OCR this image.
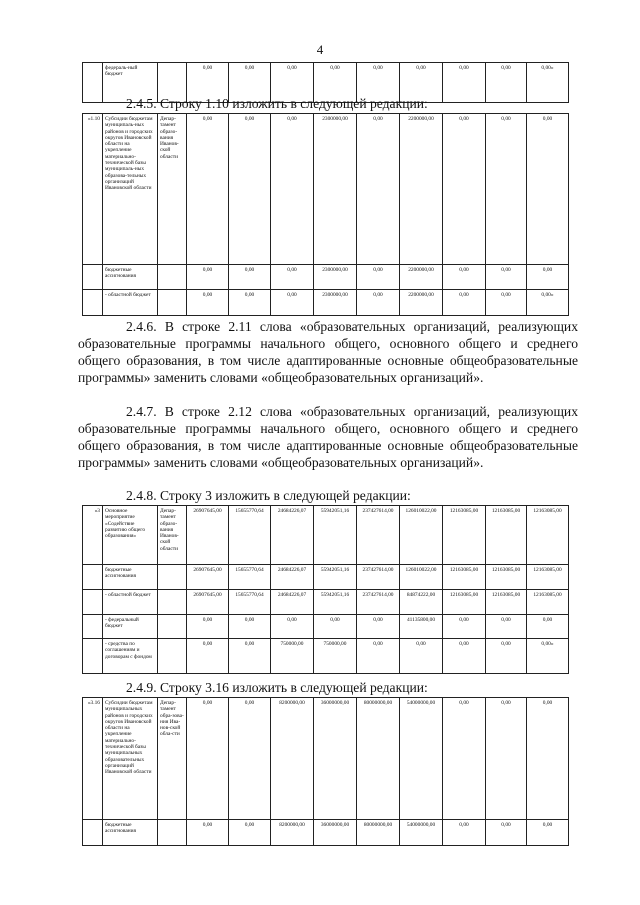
4
	федераль-ный бюджет		0,00	0,00	0,00	0,00	0,00	0,00	0,00	0,00	0,00»
2.4.5. Строку 1.10 изложить в следующей редакции:
«1.10	Субсидии бюджетам муниципаль-ных районов и городских округов Ивановской области на укрепление материально-технической базы муниципаль-ных образова-тельных организаций Ивановской области	Депар-тамент образо-вания Иванов-ской области	0,00	0,00	0,00	2300000,00	0,00	2200000,00	0,00	0,00	0,00
	бюджетные ассигнования		0,00	0,00	0,00	2300000,00	0,00	2200000,00	0,00	0,00	0,00
	- областной бюджет		0,00	0,00	0,00	2300000,00	0,00	2200000,00	0,00	0,00	0,00»
2.4.6. В строке 2.11 слова «образовательных организаций, реализующих образовательные программы начального общего, основного общего и среднего общего образования, в том числе адаптированные основные общеобразовательные программы» заменить словами «общеобразовательных организаций».
2.4.7. В строке 2.12 слова «образовательных организаций, реализующих образовательные программы начального общего, основного общего и среднего общего образования, в том числе адаптированные основные общеобразовательные программы» заменить словами «общеобразовательных организаций».
2.4.8. Строку 3 изложить в следующей редакции:
«3	Основное мероприятие «Содействие развитию общего образования»	Депар-тамент образо-вания Иванов-ской области	26907645,00	15655770,64	24684226,07	55942051,16	237427614,00	126010022,00	12163085,00	12163085,00	12163085,00
	бюджетные ассигнования		26907645,00	15655770,64	24684226,07	55942051,16	237427614,00	126010022,00	12163085,00	12163085,00	12163085,00
	- областной бюджет		26907645,00	15655770,64	24684226,07	55942051,16	237427614,00	84874222,00	12163085,00	12163085,00	12163085,00
	- федеральный бюджет		0,00	0,00	0,00	0,00	0,00	41135800,00	0,00	0,00	0,00
	- средства по соглашениям и договорам с фондом		0,00	0,00	750000,00	750000,00	0,00	0,00	0,00	0,00	0,00»
2.4.9. Строку 3.16 изложить в следующей редакции:
«3.16	Субсидии бюджетам муниципальных районов и городских округов Ивановской области на укрепление материально-технической базы муниципальных образовательных организаций Ивановской области	Депар-тамент обра-зова-ния Ива-нов-ской обла-сти	0,00	0,00	8200000,00	36000000,00	80000000,00	54000000,00	0,00	0,00	0,00
	бюджетные ассигнования		0,00	0,00	8200000,00	36000000,00	80000000,00	54000000,00	0,00	0,00	0,00
